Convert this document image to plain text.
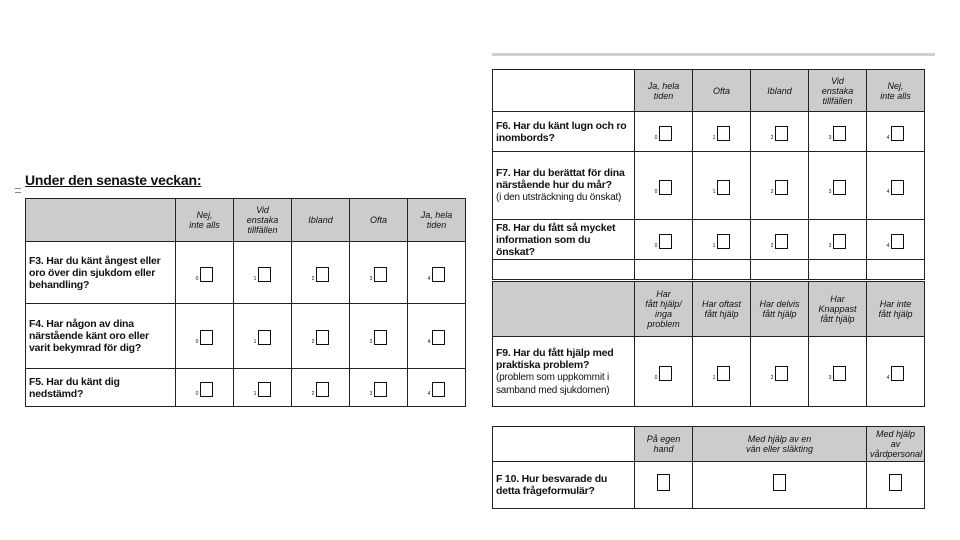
Under den senaste veckan:
	Nej,
inte alls	Vid
enstaka
tillfällen	Ibland	Ofta	Ja, hela
tiden
F3. Har du känt ångest eller oro över din sjukdom eller behandling?	0	1	2	3	4
F4. Har någon av dina närstående känt oro eller varit bekymrad för dig?	0	1	2	3	4
F5. Har du känt dig nedstämd?	0	1	2	3	4
	Ja, hela
tiden	Ofta	Ibland	Vid
enstaka
tillfällen	Nej,
inte alls
F6. Har du känt lugn och ro inombords?	0	1	2	3	4
F7. Har du berättat för dina närstående hur du mår?
(i den utsträckning du önskat)	0	1	2	3	4
F8. Har du fått så mycket information som du önskat?	0	1	2	3	4

	Har
fått hjälp/
inga
problem	Har oftast
fått hjälp	Har delvis
fått hjälp	Har
Knappast
fått hjälp	Har inte
fått hjälp
F9. Har du fått hjälp med praktiska problem?
(problem som uppkommit i samband med sjukdomen)	0	1	2	3	4
	På egen
hand	Med hjälp av en
vän eller släkting	Med hjälp av
vårdpersonal
F 10. Hur besvarade du detta frågeformulär?			
